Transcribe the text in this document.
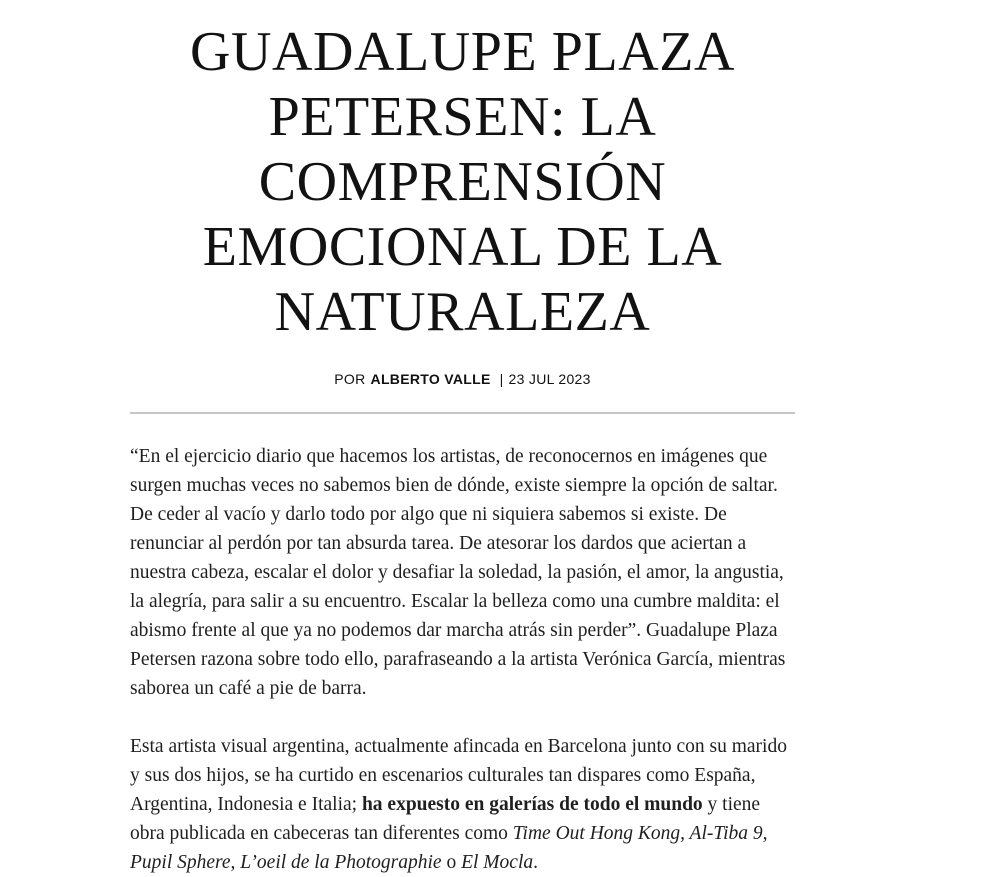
GUADALUPE PLAZA
PETERSEN: LA
COMPRENSIÓN
EMOCIONAL DE LA
NATURALEZA
POR ALBERTO VALLE | 23 JUL 2023

“En el ejercicio diario que hacemos los artistas, de reconocernos en imágenes que surgen muchas veces no sabemos bien de dónde, existe siempre la opción de saltar. De ceder al vacío y darlo todo por algo que ni siquiera sabemos si existe. De renunciar al perdón por tan absurda tarea. De atesorar los dardos que aciertan a nuestra cabeza, escalar el dolor y desafiar la soledad, la pasión, el amor, la angustia, la alegría, para salir a su encuentro. Escalar la belleza como una cumbre maldita: el abismo frente al que ya no podemos dar marcha atrás sin perder”. Guadalupe Plaza Petersen razona sobre todo ello, parafraseando a la artista Verónica García, mientras saborea un café a pie de barra.

Esta artista visual argentina, actualmente afincada en Barcelona junto con su marido y sus dos hijos, se ha curtido en escenarios culturales tan dispares como España, Argentina, Indonesia e Italia; ha expuesto en galerías de todo el mundo y tiene obra publicada en cabeceras tan diferentes como Time Out Hong Kong, Al-Tiba 9, Pupil Sphere, L’oeil de la Photographie o El Mocla.
